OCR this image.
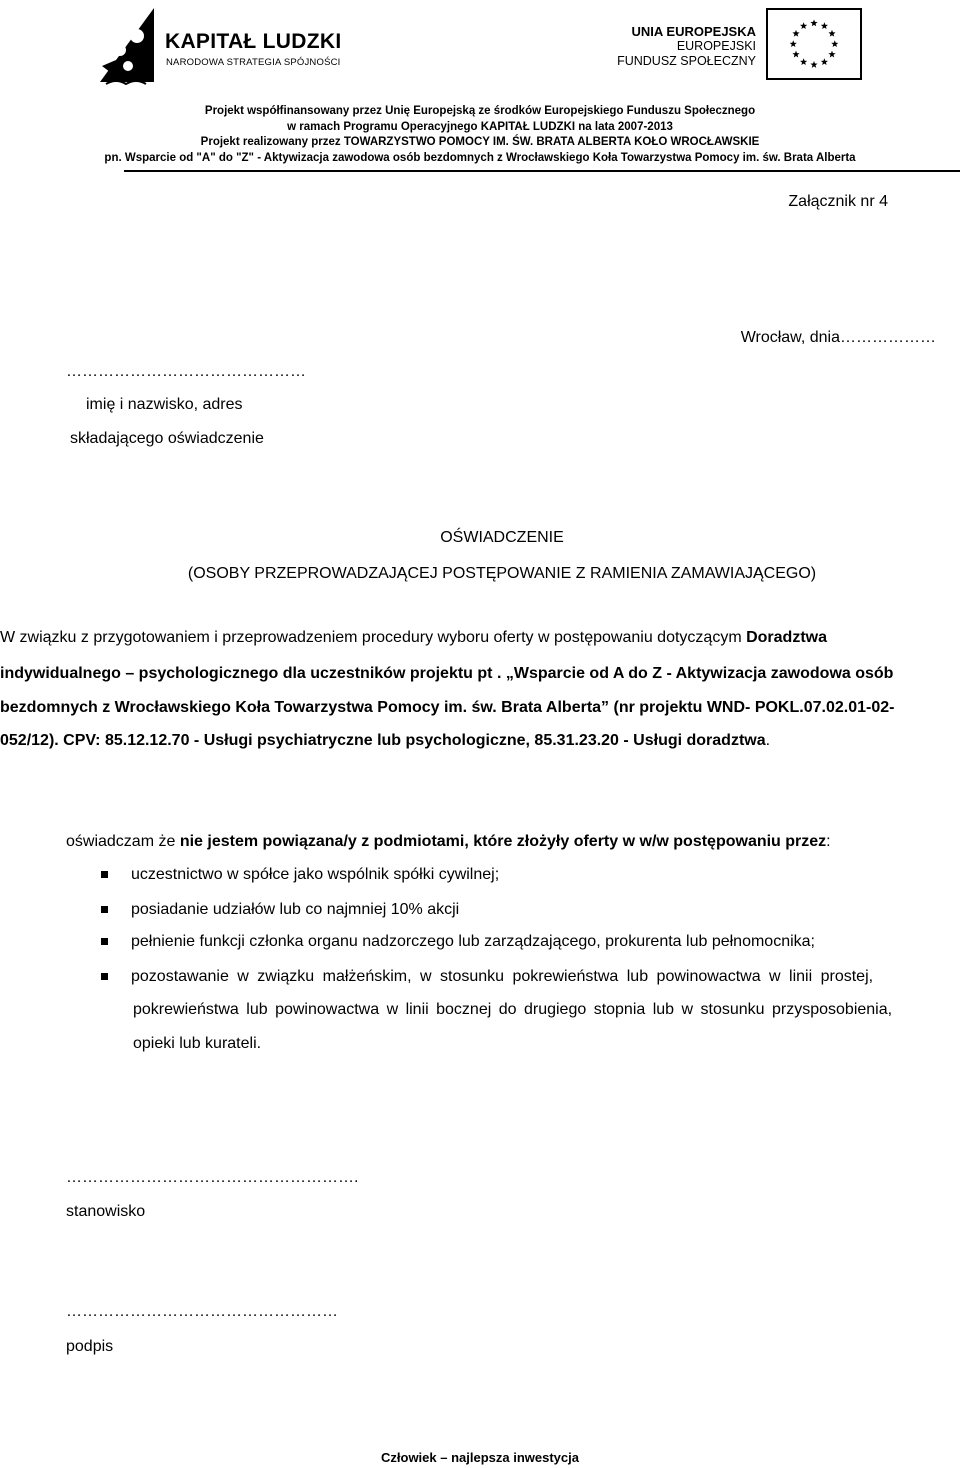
KAPITAŁ LUDZKI
NARODOWA STRATEGIA SPÓJNOŚCI
UNIA EUROPEJSKA
EUROPEJSKI
FUNDUSZ SPOŁECZNY
Projekt współfinansowany przez Unię Europejską ze środków Europejskiego Funduszu Społecznego
w ramach Programu Operacyjnego KAPITAŁ LUDZKI na lata 2007-2013
Projekt realizowany przez TOWARZYSTWO POMOCY IM. ŚW. BRATA ALBERTA KOŁO WROCŁAWSKIE
pn. Wsparcie od "A" do "Z" - Aktywizacja zawodowa osób bezdomnych z Wrocławskiego Koła Towarzystwa Pomocy im. św. Brata Alberta
Załącznik nr 4
Wrocław, dnia………………
………………………………………
imię i nazwisko, adres
składającego oświadczenie
OŚWIADCZENIE
(OSOBY PRZEPROWADZAJĄCEJ POSTĘPOWANIE Z RAMIENIA ZAMAWIAJĄCEGO)
W związku z przygotowaniem i przeprowadzeniem procedury wyboru oferty w postępowaniu dotyczącym Doradztwa
indywidualnego – psychologicznego dla uczestników projektu pt . „Wsparcie od A do Z - Aktywizacja zawodowa osób
bezdomnych z Wrocławskiego Koła Towarzystwa Pomocy im. św. Brata Alberta” (nr projektu WND- POKL.07.02.01-02-
052/12). CPV: 85.12.12.70 - Usługi psychiatryczne lub psychologiczne, 85.31.23.20 - Usługi doradztwa.
oświadczam że nie jestem powiązana/y z podmiotami, które złożyły oferty w w/w postępowaniu przez:
uczestnictwo w spółce jako wspólnik spółki cywilnej;
posiadanie udziałów lub co najmniej 10% akcji
pełnienie funkcji członka organu nadzorczego lub zarządzającego, prokurenta lub pełnomocnika;
pozostawanie w związku małżeńskim, w stosunku pokrewieństwa lub powinowactwa w linii prostej,
pokrewieństwa lub powinowactwa w linii bocznej do drugiego stopnia lub w stosunku przysposobienia,
opieki lub kurateli.
……………………………………………….
stanowisko
……………………………………………
podpis
Człowiek – najlepsza inwestycja
